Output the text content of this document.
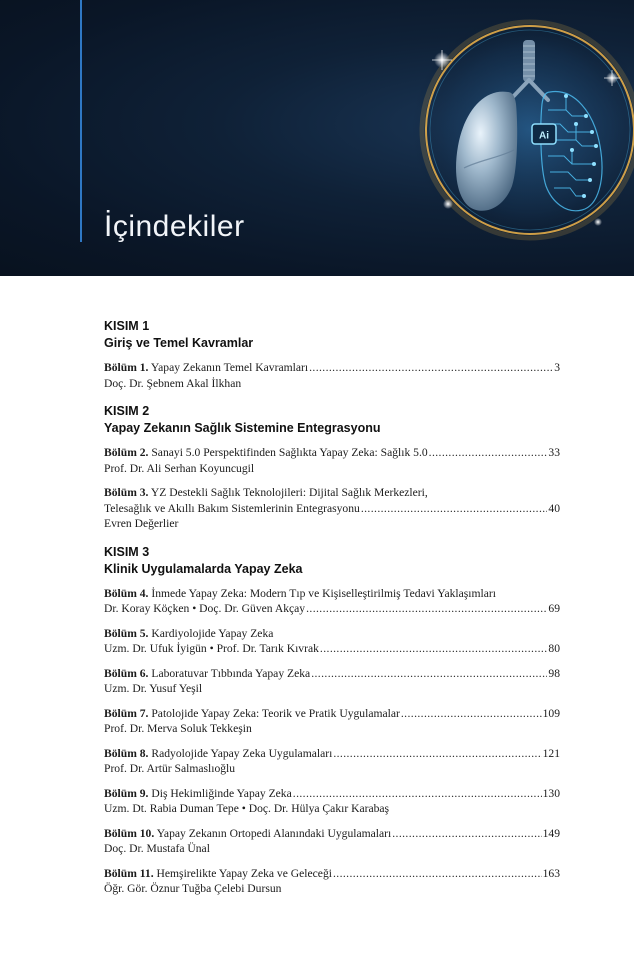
Ai
İçindekiler
KISIM 1
Giriş ve Temel Kavramlar
Bölüm 1. Yapay Zekanın Temel Kavramları .....	3
Doç. Dr. Şebnem Akal İlkhan
KISIM 2
Yapay Zekanın Sağlık Sistemine Entegrasyonu
Bölüm 2. Sanayi 5.0 Perspektifinden Sağlıkta Yapay Zeka: Sağlık 5.0 .....	33
Prof. Dr. Ali Serhan Koyuncugil
Bölüm 3. YZ Destekli Sağlık Teknolojileri: Dijital Sağlık Merkezleri,
Telesağlık ve Akıllı Bakım Sistemlerinin Entegrasyonu .....	40
Evren Değerlier
KISIM 3
Klinik Uygulamalarda Yapay Zeka
Bölüm 4. İnmede Yapay Zeka: Modern Tıp ve Kişiselleştirilmiş Tedavi Yaklaşımları
Dr. Koray Köçken • Doç. Dr. Güven Akçay .....	69
Bölüm 5. Kardiyolojide Yapay Zeka
Uzm. Dr. Ufuk İyigün • Prof. Dr. Tarık Kıvrak .....	80
Bölüm 6. Laboratuvar Tıbbında Yapay Zeka .....	98
Uzm. Dr. Yusuf Yeşil
Bölüm 7. Patolojide Yapay Zeka: Teorik ve Pratik Uygulamalar .....	109
Prof. Dr. Merva Soluk Tekkeşin
Bölüm 8. Radyolojide Yapay Zeka Uygulamaları .....	121
Prof. Dr. Artür Salmaslıoğlu
Bölüm 9. Diş Hekimliğinde Yapay Zeka .....	130
Uzm. Dt. Rabia Duman Tepe • Doç. Dr. Hülya Çakır Karabaş
Bölüm 10. Yapay Zekanın Ortopedi Alanındaki Uygulamaları .....	149
Doç. Dr. Mustafa Ünal
Bölüm 11. Hemşirelikte Yapay Zeka ve Geleceği .....	163
Öğr. Gör. Öznur Tuğba Çelebi Dursun
